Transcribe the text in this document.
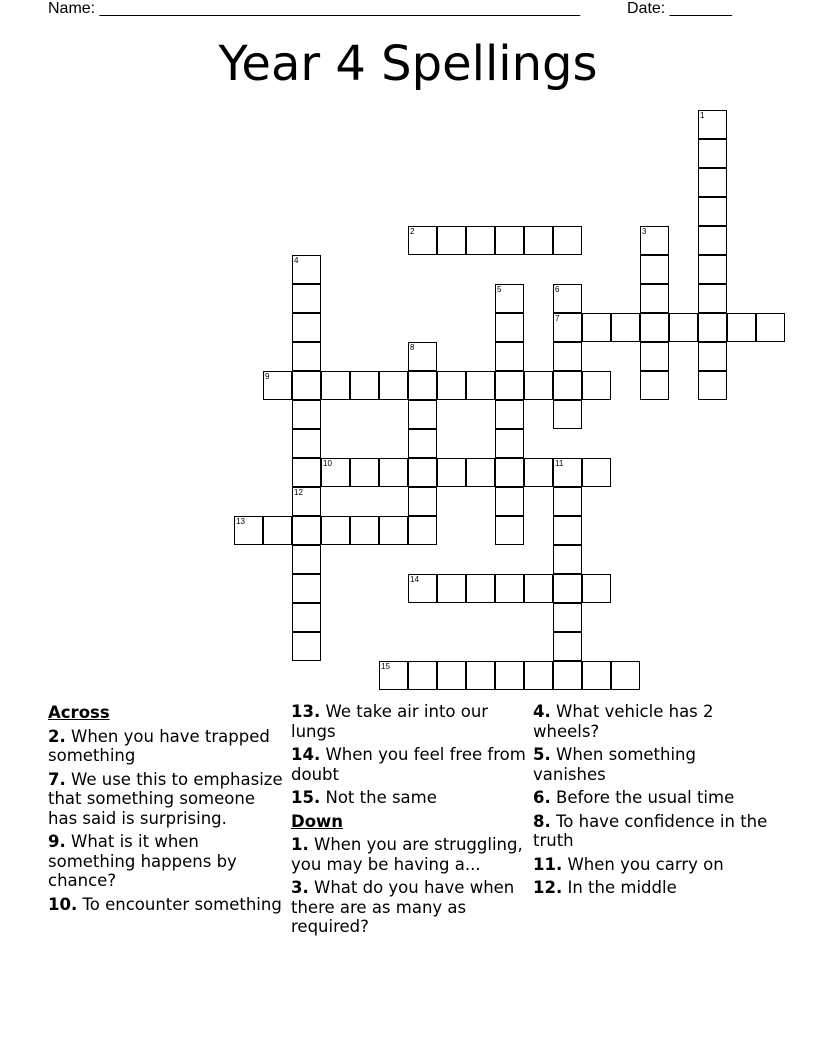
Name: ______________________________________________________	Date: _______
Year 4 Spellings
1
2	3
4
5	6
7
8
9
10	11
12
13
14
15
Across
2. When you have trapped something
7. We use this to emphasize that something someone has said is surprising.
9. What is it when something happens by chance?
10. To encounter something
13. We take air into our lungs
14. When you feel free from doubt
15. Not the same
Down
1. When you are struggling, you may be having a...
3. What do you have when there are as many as required?
4. What vehicle has 2 wheels?
5. When something vanishes
6. Before the usual time
8. To have confidence in the truth
11. When you carry on
12. In the middle
